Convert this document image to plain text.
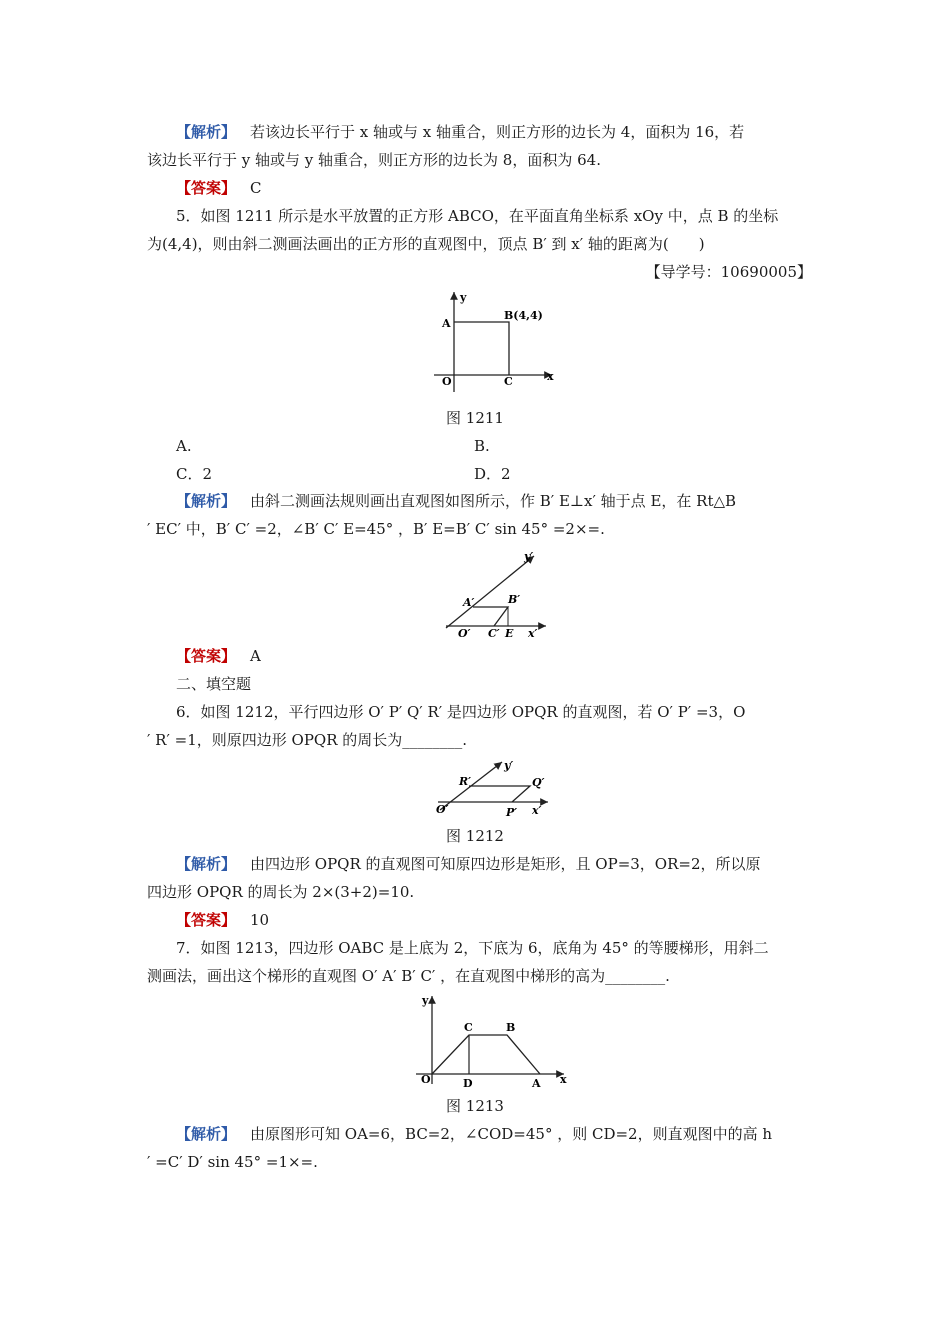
【解析】 若该边长平行于 x 轴或与 x 轴重合，则正方形的边长为 4，面积为 16，若
该边长平行于 y 轴或与 y 轴重合，则正方形的边长为 8，面积为 64.
【答案】 C
5．如图 1211 所示是水平放置的正方形 ABCO，在平面直角坐标系 xOy 中，点 B 的坐标
为(4,4)，则由斜二测画法画出的正方形的直观图中，顶点 B′ 到 x′ 轴的距离为(　　)
【导学号：10690005】
y
A
B(4,4)
O	C	x
图 1211
A.	B.
C．2	D．2
【解析】 由斜二测画法规则画出直观图如图所示，作 B′ E⊥x′ 轴于点 E，在 Rt△B
′ EC′ 中，B′ C′ =2，∠B′ C′ E=45° ，B′ E=B′ C′ sin 45° =2×=.
y′
A′	B′
O′ C′ E x′
【答案】 A
二、填空题
6．如图 1212，平行四边形 O′ P′ Q′ R′ 是四边形 OPQR 的直观图，若 O′ P′ =3，O
′ R′ =1，则原四边形 OPQR 的周长为________.
y′
R′	Q′
O′	P′ x′
图 1212
【解析】 由四边形 OPQR 的直观图可知原四边形是矩形，且 OP=3，OR=2，所以原
四边形 OPQR 的周长为 2×(3+2)=10.
【答案】 10
7．如图 1213，四边形 OABC 是上底为 2，下底为 6，底角为 45° 的等腰梯形，用斜二
测画法，画出这个梯形的直观图 O′ A′ B′ C′ ，在直观图中梯形的高为________.
y
C	B
O	D	A x
图 1213
【解析】 由原图形可知 OA=6，BC=2，∠COD=45° ，则 CD=2，则直观图中的高 h
′ =C′ D′ sin 45° =1×=.
